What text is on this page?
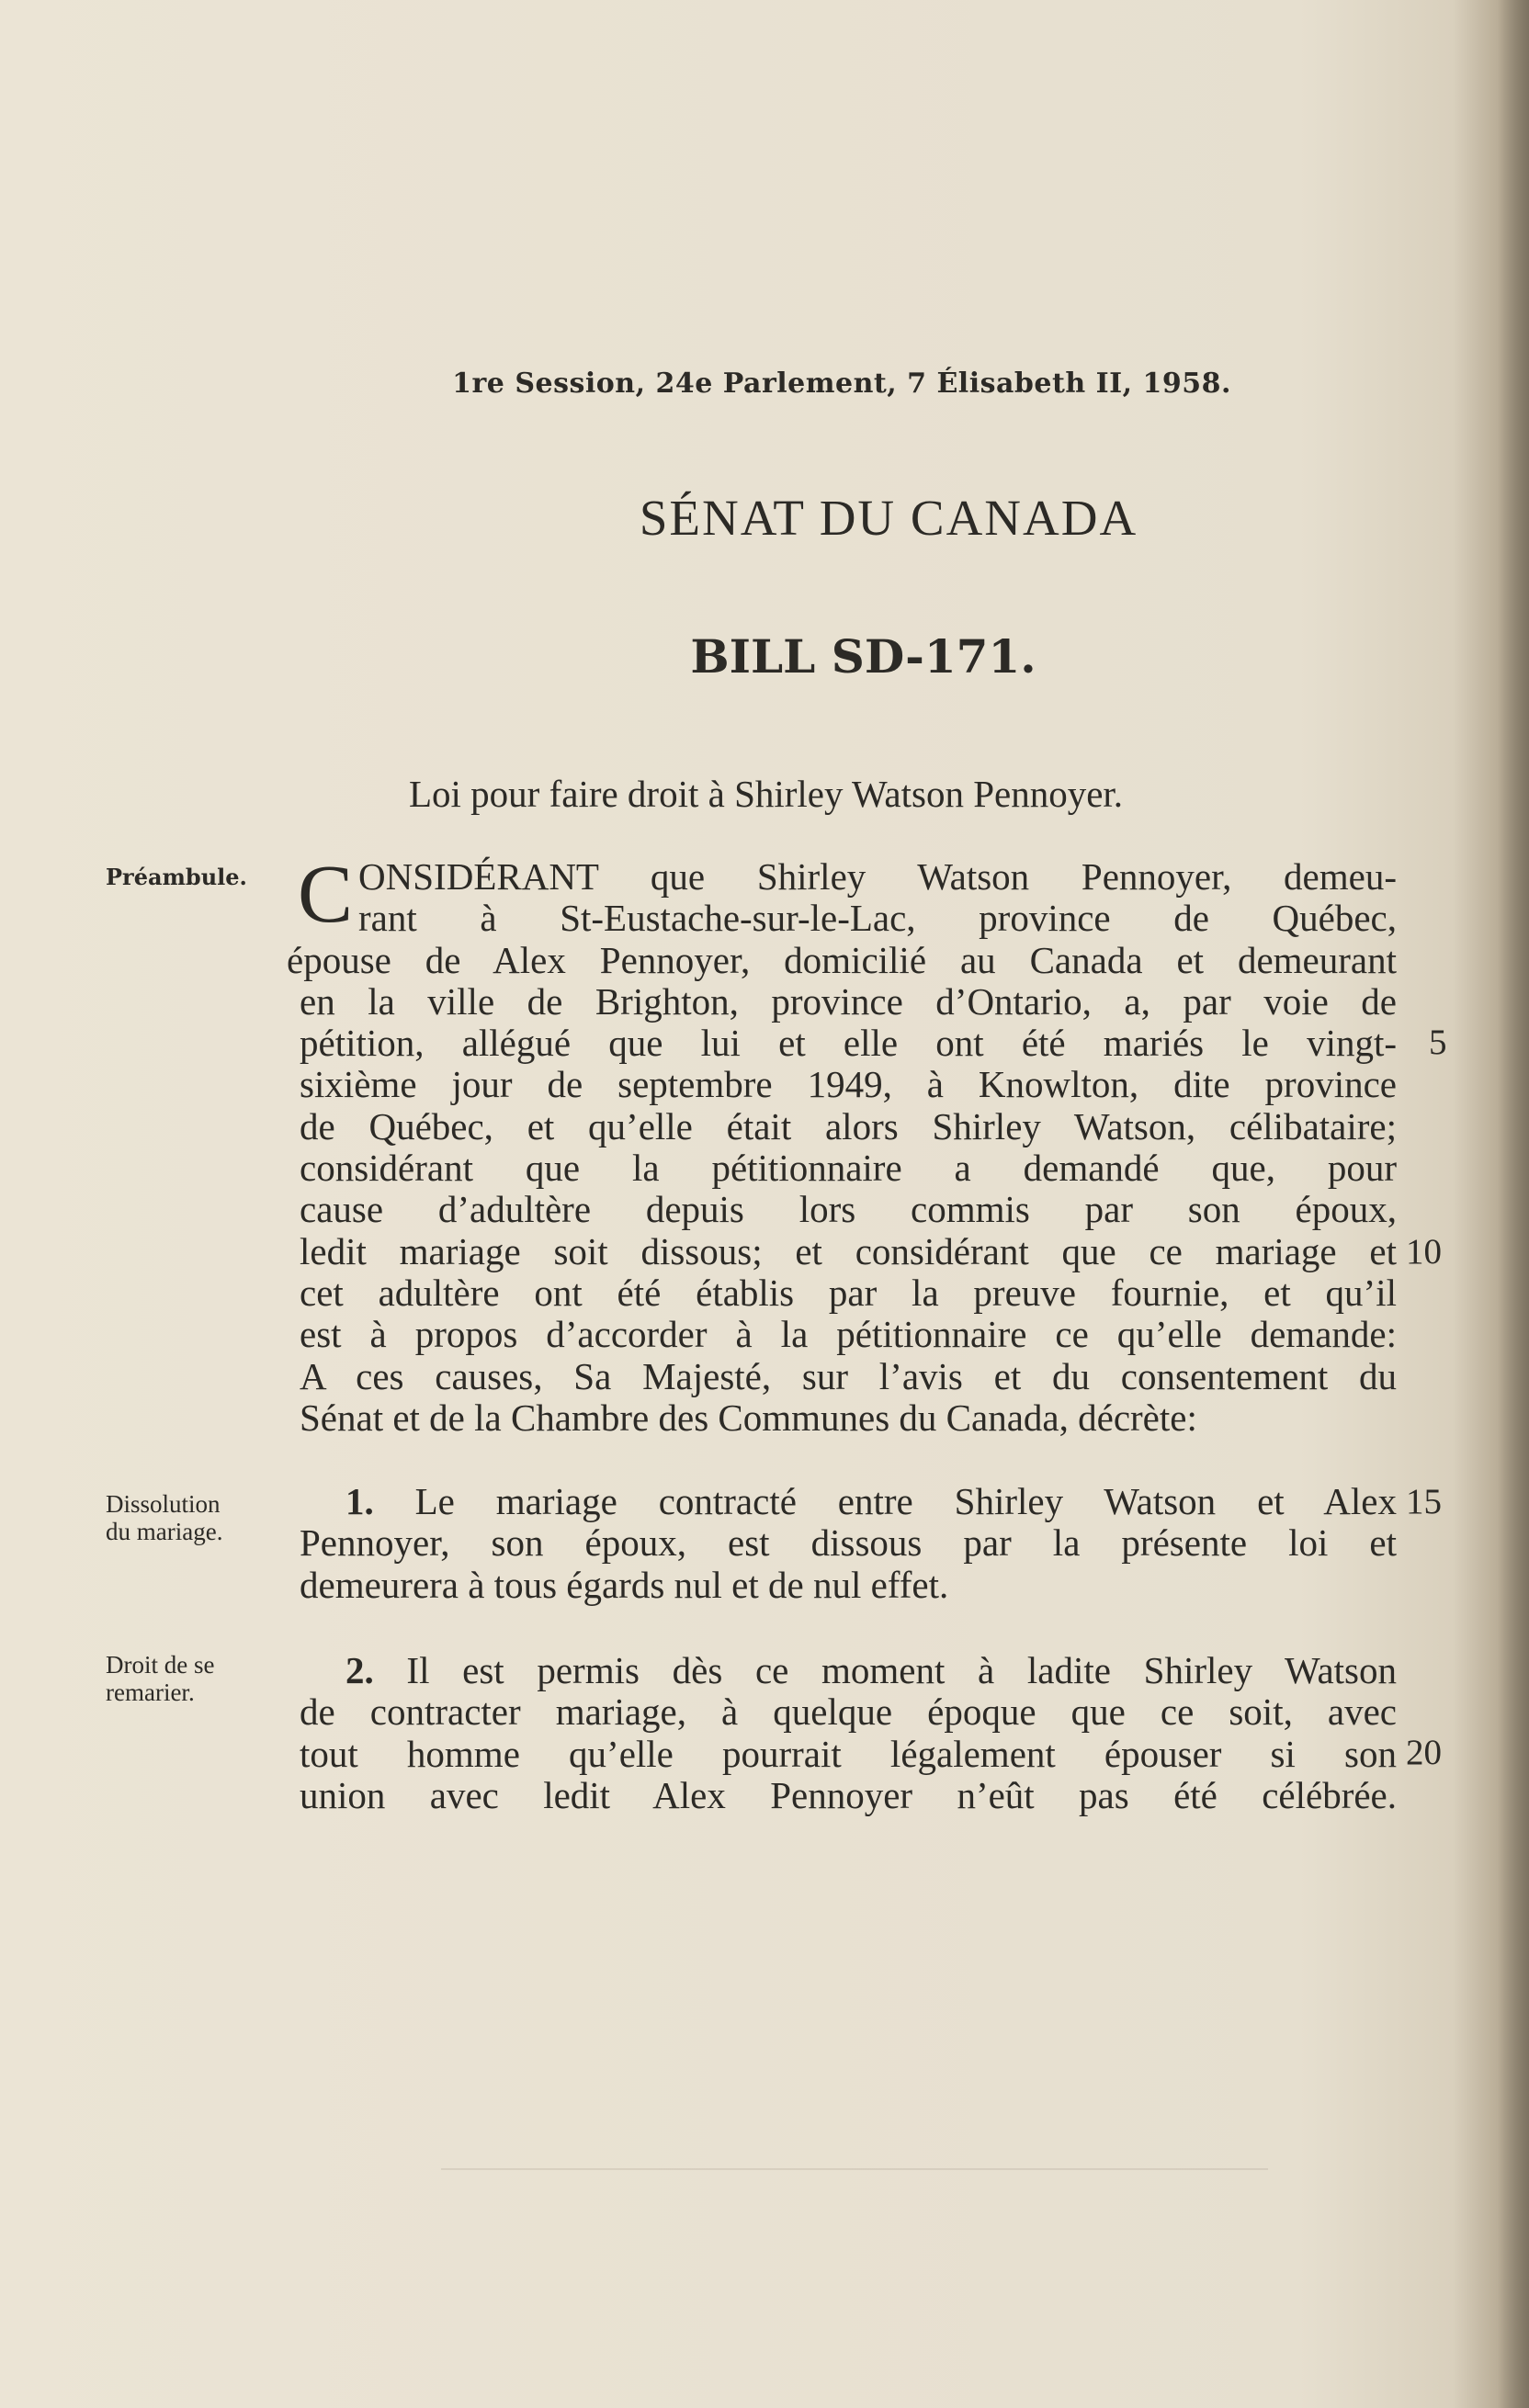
1re Session, 24e Parlement, 7 Élisabeth II, 1958.
SÉNAT DU CANADA
BILL SD-171.
Loi pour faire droit à Shirley Watson Pennoyer.
Préambule.
Dissolution
du mariage.
Droit de se
remarier.
C ONSIDÉRANT que Shirley Watson Pennoyer, demeu-
rant à St-Eustache-sur-le-Lac, province de Québec,
épouse de Alex Pennoyer, domicilié au Canada et demeurant
en la ville de Brighton, province d’Ontario, a, par voie de
pétition, allégué que lui et elle ont été mariés le vingt-
sixième jour de septembre 1949, à Knowlton, dite province
de Québec, et qu’elle était alors Shirley Watson, célibataire;
considérant que la pétitionnaire a demandé que, pour
cause d’adultère depuis lors commis par son époux,
ledit mariage soit dissous; et considérant que ce mariage et
cet adultère ont été établis par la preuve fournie, et qu’il
est à propos d’accorder à la pétitionnaire ce qu’elle demande:
A ces causes, Sa Majesté, sur l’avis et du consentement du
Sénat et de la Chambre des Communes du Canada, décrète:
1. Le mariage contracté entre Shirley Watson et Alex
Pennoyer, son époux, est dissous par la présente loi et
demeurera à tous égards nul et de nul effet.
2. Il est permis dès ce moment à ladite Shirley Watson
de contracter mariage, à quelque époque que ce soit, avec
tout homme qu’elle pourrait légalement épouser si son
union avec ledit Alex Pennoyer n’eût pas été célébrée.
5
10
15
20
